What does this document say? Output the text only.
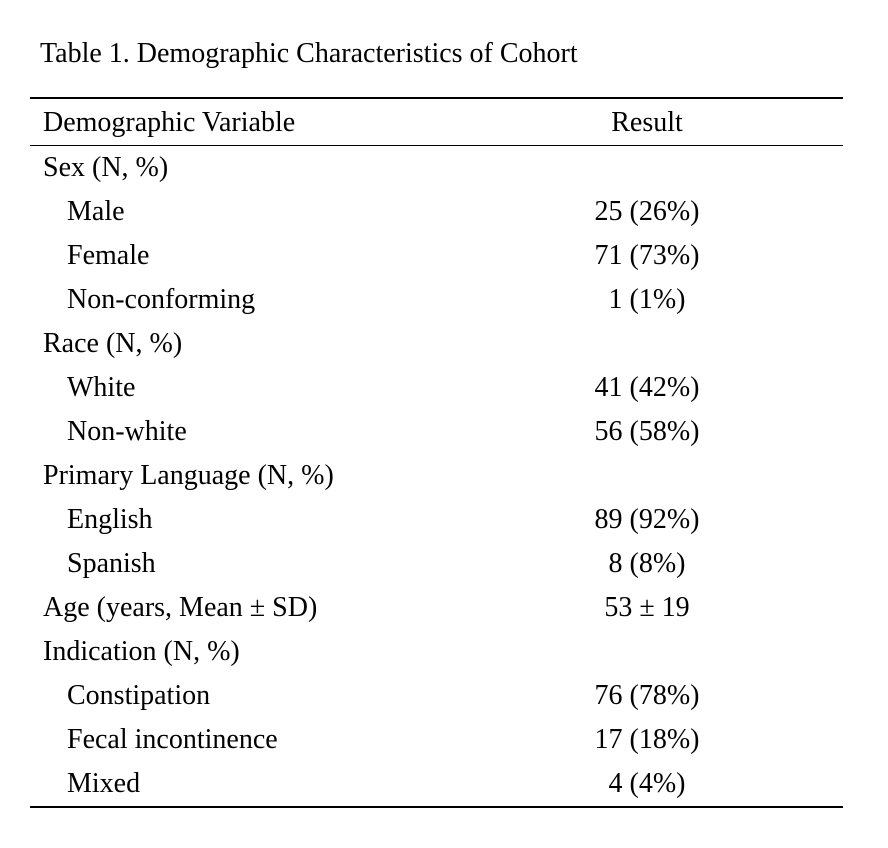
Table 1. Demographic Characteristics of Cohort
Demographic Variable	Result
Sex (N, %)
Male	25 (26%)
Female	71 (73%)
Non-conforming	1 (1%)
Race (N, %)
White	41 (42%)
Non-white	56 (58%)
Primary Language (N, %)
English	89 (92%)
Spanish	8 (8%)
Age (years, Mean ± SD)	53 ± 19
Indication (N, %)
Constipation	76 (78%)
Fecal incontinence	17 (18%)
Mixed	4 (4%)
